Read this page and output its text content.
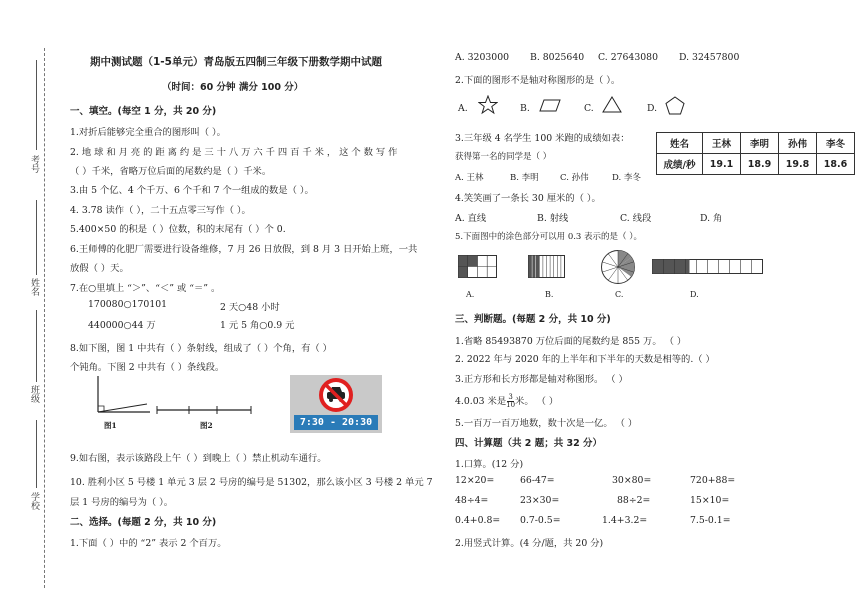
考号
姓名
班级
学校
期中测试题（1-5单元）青岛版五四制三年级下册数学期中试题
（时间：60 分钟 满分 100 分）
一、填空。(每空 1 分，共 20 分)
1.对折后能够完全重合的图形叫（ ）。
2. 地 球 和 月 亮 的 距 离 约 是 三 十 八 万 六 千 四 百 千 米 ， 这 个 数 写 作
（ ）千米，省略万位后面的尾数约是（ ）千米。
3.由 5 个亿、4 个千万、6 个千和 7 个一组成的数是（ ）。
4. 3.78 读作（ ），二十五点零三写作（ ）。
5.400×50 的积是（ ）位数，积的末尾有（ ）个 0.
6.王师傅的化肥厂需要进行设备维修，7 月 26 日放假，到 8 月 3 日开始上班，一共
放假（ ）天。
7.在○里填上 “＞”、“＜” 或 “＝” 。
170080○170101	2 天○48 小时
440000○44 万	1 元 5 角○0.9 元
8.如下图，图 1 中共有（ ）条射线，组成了（ ）个角，有（ ）
个钝角。下图 2 中共有（ ）条线段。
图1	图2	7:30 - 20:30
9.如右图，表示该路段上午（ ）到晚上（ ）禁止机动车通行。
10. 胜利小区 5 号楼 1 单元 3 层 2 号房的编号是 51302，那么该小区 3 号楼 2 单元 7
层 1 号房的编号为（ ）。
二、选择。(每题 2 分，共 10 分)
1.下面（ ）中的 “2” 表示 2 个百万。
A. 3203000 B. 8025640 C. 27643080 D. 32457800
2.下面的图形不是轴对称图形的是（ ）。
A.	B.	C.	D.
3.三年级 4 名学生 100 米跑的成绩如表：
获得第一名的同学是（ ）
A. 王林	B. 李明	C. 孙伟	D. 李冬
姓名	王林	李明	孙伟	李冬
成绩/秒	19.1	18.9	19.8	18.6
4.笑笑画了一条长 30 厘米的（ ）。
A. 直线	B. 射线	C. 线段	D. 角
5.下面图中的涂色部分可以用 0.3 表示的是（ ）。
A.	B.	C.	D.
三、判断题。(每题 2 分，共 10 分)
1.省略 85493870 万位后面的尾数约是 855 万。 （ ）
2. 2022 年与 2020 年的上半年和下半年的天数是相等的.（ ）
3.正方形和长方形都是轴对称图形。 （ ）
4.0.03 米是 $\frac{3}{10}$ 米。 （ ）
5.一百万一百万地数，数十次是一亿。 （ ）
四、计算题（共 2 题；共 32 分）
1.口算。(12 分)
12×20=	66-47=	30×80=	720+88=
48÷4=	23×30=	88÷2=	15×10=
0.4+0.8= 0.7-0.5=	1.4+3.2=	7.5-0.1=
2.用竖式计算。(4 分/题，共 20 分)
